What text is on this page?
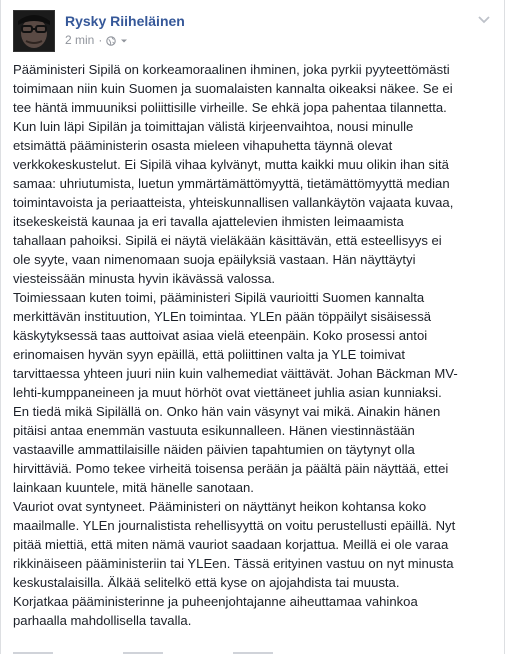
Rysky Riiheläinen
2 min ·

Pääministeri Sipilä on korkeamoraalinen ihminen, joka pyrkii pyyteettömästi

toimimaan niin kuin Suomen ja suomalaisten kannalta oikeaksi näkee. Se ei

tee häntä immuuniksi poliittisille virheille. Se ehkä jopa pahentaa tilannetta.

Kun luin läpi Sipilän ja toimittajan välistä kirjeenvaihtoa, nousi minulle

etsimättä pääministerin osasta mieleen vihapuhetta täynnä olevat

verkkokeskustelut. Ei Sipilä vihaa kylvänyt, mutta kaikki muu olikin ihan sitä

samaa: uhriutumista, luetun ymmärtämättömyyttä, tietämättömyyttä median

toimintavoista ja periaatteista, yhteiskunnallisen vallankäytön vajaata kuvaa,

itsekeskeistä kaunaa ja eri tavalla ajattelevien ihmisten leimaamista

tahallaan pahoiksi. Sipilä ei näytä vieläkään käsittävän, että esteellisyys ei

ole syyte, vaan nimenomaan suoja epäilyksiä vastaan. Hän näyttäytyi

viesteissään minusta hyvin ikävässä valossa.

Toimiessaan kuten toimi, pääministeri Sipilä vaurioitti Suomen kannalta

merkittävän instituution, YLEn toimintaa. YLEn pään töppäilyt sisäisessä

käskytyksessä taas auttoivat asiaa vielä eteenpäin. Koko prosessi antoi

erinomaisen hyvän syyn epäillä, että poliittinen valta ja YLE toimivat

tarvittaessa yhteen juuri niin kuin valhemediat väittävät. Johan Bäckman MV-

lehti-kumppaneineen ja muut hörhöt ovat viettäneet juhlia asian kunniaksi.

En tiedä mikä Sipilällä on. Onko hän vain väsynyt vai mikä. Ainakin hänen

pitäisi antaa enemmän vastuuta esikunnalleen. Hänen viestinnästään

vastaaville ammattilaisille näiden päivien tapahtumien on täytynyt olla

hirvittäviä. Pomo tekee virheitä toisensa perään ja päältä päin näyttää, ettei

lainkaan kuuntele, mitä hänelle sanotaan.

Vauriot ovat syntyneet. Pääministeri on näyttänyt heikon kohtansa koko

maailmalle. YLEn journalistista rehellisyyttä on voitu perustellusti epäillä. Nyt

pitää miettiä, että miten nämä vauriot saadaan korjattua. Meillä ei ole varaa

rikkinäiseen pääministeriin tai YLEen. Tässä erityinen vastuu on nyt minusta

keskustalaisilla. Älkää selitelkö että kyse on ajojahdista tai muusta.

Korjatkaa pääministerinne ja puheenjohtajanne aiheuttamaa vahinkoa

parhaalla mahdollisella tavalla.
